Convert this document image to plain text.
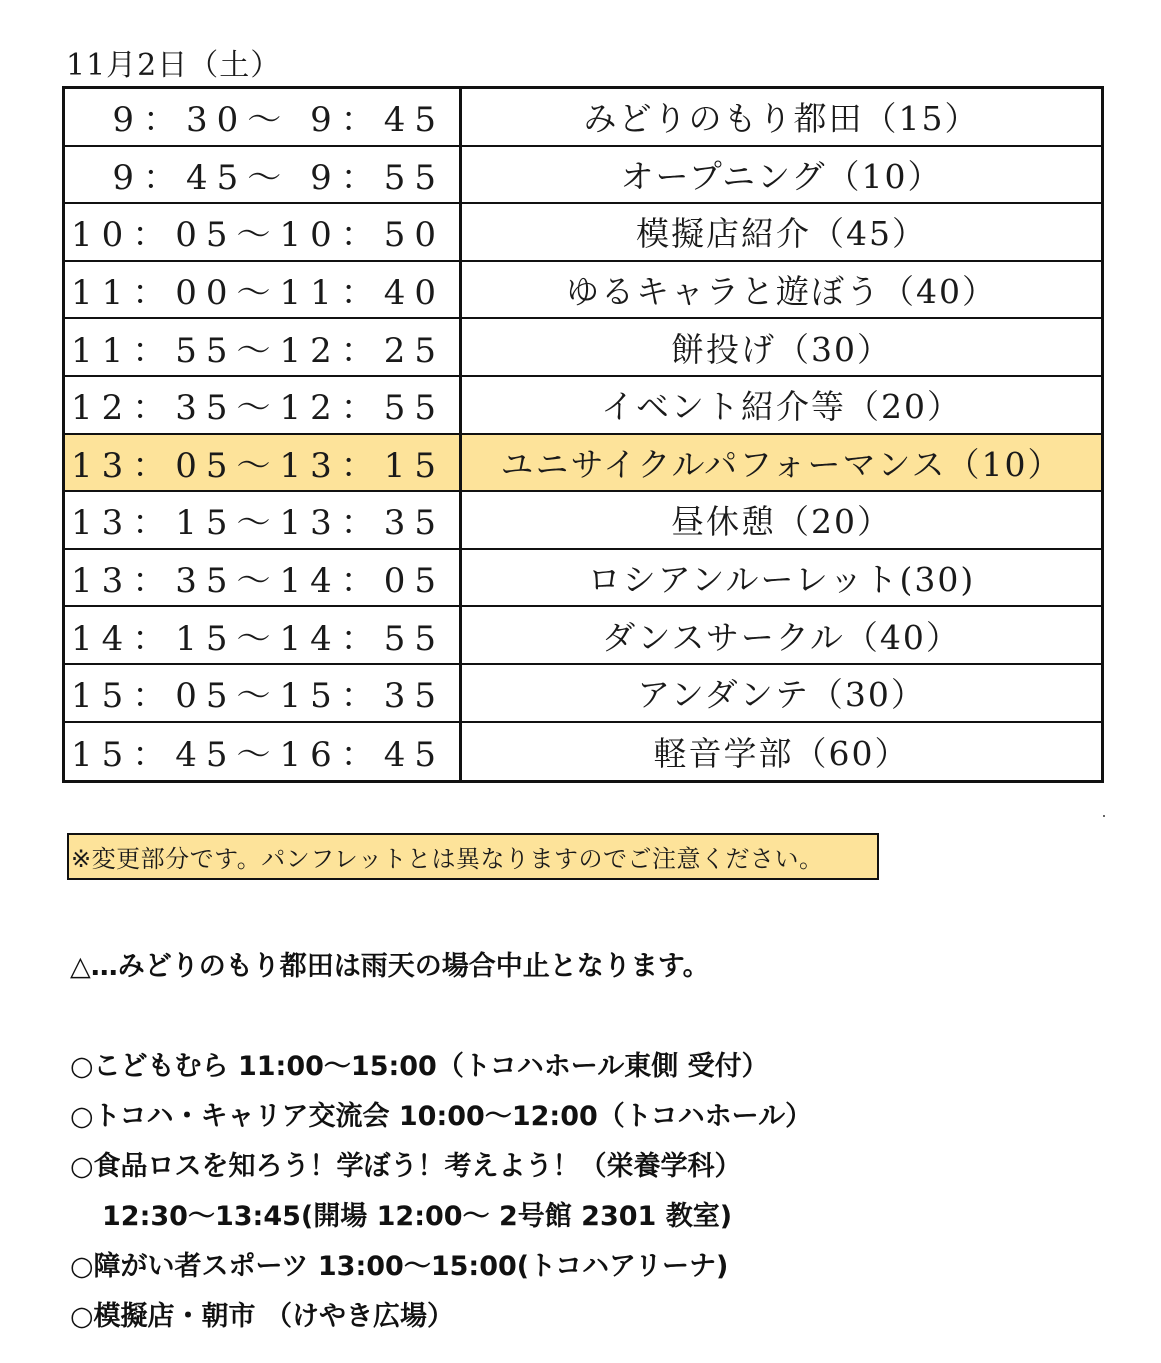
11月2日（土）
9：30～ 9：45	みどりのもり都田（15）
9：45～ 9：55	オープニング（10）
10：05～10：50	模擬店紹介（45）
11：00～11：40	ゆるキャラと遊ぼう（40）
11：55～12：25	餅投げ（30）
12：35～12：55	イベント紹介等（20）
13：05～13：15	ユニサイクルパフォーマンス（10）
13：15～13：35	昼休憩（20）
13：35～14：05	ロシアンルーレット(30)
14：15～14：55	ダンスサークル（40）
15：05～15：35	アンダンテ（30）
15：45～16：45	軽音学部（60）
※変更部分です。パンフレットとは異なりますのでご注意ください。
△…みどりのもり都田は雨天の場合中止となります。
○こどもむら 11:00～15:00（トコハホール東側 受付）
○トコハ・キャリア交流会 10:00～12:00（トコハホール）
○食品ロスを知ろう！学ぼう！考えよう！（栄養学科）
12:30～13:45(開場 12:00～ 2号館 2301 教室)
○障がい者スポーツ 13:00～15:00(トコハアリーナ)
○模擬店・朝市 （けやき広場）
